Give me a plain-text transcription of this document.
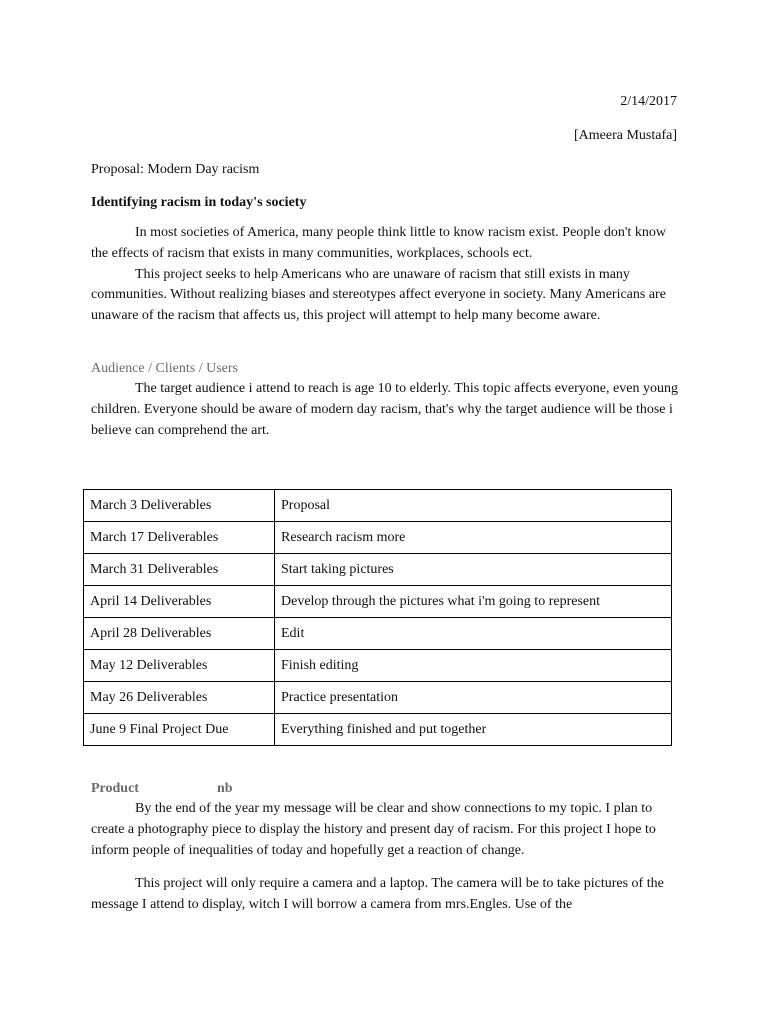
2/14/2017
[Ameera Mustafa]
Proposal: Modern Day racism
Identifying racism in today's society
In most societies of America, many people think little to know racism exist. People don't know the effects of racism that exists in many communities, workplaces, schools ect.
This project seeks to help Americans who are unaware of racism that still exists in many communities. Without realizing biases and stereotypes affect everyone in society. Many Americans are unaware of the racism that affects us, this project will attempt to help many become aware.
Audience / Clients / Users
The target audience i attend to reach is age 10 to elderly. This topic affects everyone, even young children. Everyone should be aware of modern day racism, that's why the target audience will be those i believe can comprehend the art.
March 3 Deliverables	Proposal
March 17 Deliverables	Research racism more
March 31 Deliverables	Start taking pictures
April 14 Deliverables	Develop through the pictures what i'm going to represent
April 28 Deliverables	Edit
May 12 Deliverables	Finish editing
May 26 Deliverables	Practice presentation
June 9 Final Project Due	Everything finished and put together
Product	nb
By the end of the year my message will be clear and show connections to my topic. I plan to create a photography piece to display the history and present day of racism. For this project I hope to inform people of inequalities of today and hopefully get a reaction of change.
This project will only require a camera and a laptop. The camera will be to take pictures of the message I attend to display, witch I will borrow a camera from mrs.Engles. Use of the
